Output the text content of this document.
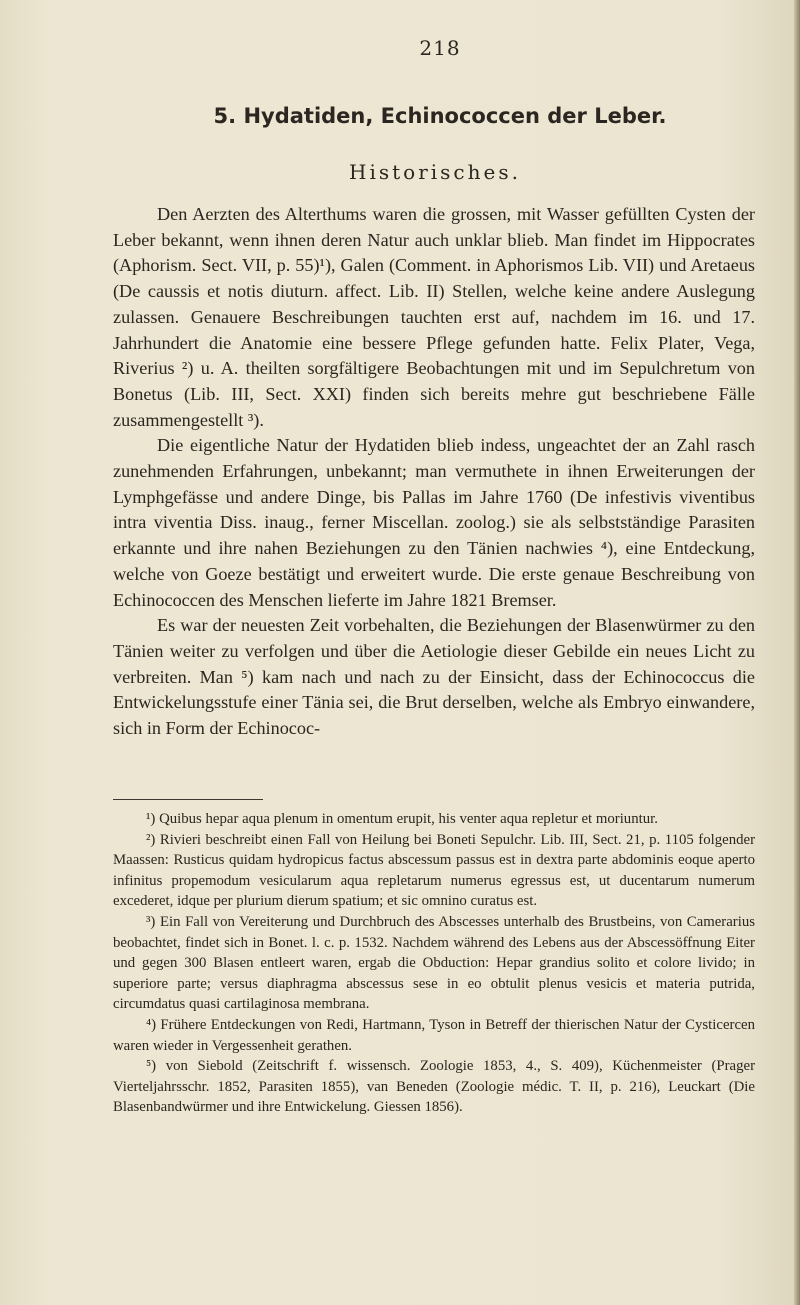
218
5. Hydatiden, Echinococcen der Leber.
Historisches.

Den Aerzten des Alterthums waren die grossen, mit Wasser gefüllten Cysten der Leber bekannt, wenn ihnen deren Natur auch unklar blieb. Man findet im Hippocrates (Aphorism. Sect. VII, p. 55)¹), Galen (Comment. in Aphorismos Lib. VII) und Aretaeus (De caussis et notis diuturn. affect. Lib. II) Stellen, welche keine andere Auslegung zulassen. Genauere Beschreibungen tauchten erst auf, nachdem im 16. und 17. Jahrhundert die Anatomie eine bessere Pflege gefunden hatte. Felix Plater, Vega, Riverius ²) u. A. theilten sorgfältigere Beobachtungen mit und im Sepulchretum von Bonetus (Lib. III, Sect. XXI) finden sich bereits mehre gut beschriebene Fälle zusammengestellt ³).

Die eigentliche Natur der Hydatiden blieb indess, ungeachtet der an Zahl rasch zunehmenden Erfahrungen, unbekannt; man vermuthete in ihnen Erweiterungen der Lymphgefässe und andere Dinge, bis Pallas im Jahre 1760 (De infestivis viventibus intra viventia Diss. inaug., ferner Miscellan. zoolog.) sie als selbstständige Parasiten erkannte und ihre nahen Beziehungen zu den Tänien nachwies ⁴), eine Entdeckung, welche von Goeze bestätigt und erweitert wurde. Die erste genaue Beschreibung von Echinococcen des Menschen lieferte im Jahre 1821 Bremser.

Es war der neuesten Zeit vorbehalten, die Beziehungen der Blasenwürmer zu den Tänien weiter zu verfolgen und über die Aetiologie dieser Gebilde ein neues Licht zu verbreiten. Man ⁵) kam nach und nach zu der Einsicht, dass der Echinococcus die Entwickelungsstufe einer Tänia sei, die Brut derselben, welche als Embryo einwandere, sich in Form der Echinococ-

¹) Quibus hepar aqua plenum in omentum erupit, his venter aqua repletur et moriuntur.

²) Rivieri beschreibt einen Fall von Heilung bei Boneti Sepulchr. Lib. III, Sect. 21, p. 1105 folgender Maassen: Rusticus quidam hydropicus factus abscessum passus est in dextra parte abdominis eoque aperto infinitus propemodum vesicularum aqua repletarum numerus egressus est, ut ducentarum numerum excederet, idque per plurium dierum spatium; et sic omnino curatus est.

³) Ein Fall von Vereiterung und Durchbruch des Abscesses unterhalb des Brustbeins, von Camerarius beobachtet, findet sich in Bonet. l. c. p. 1532. Nachdem während des Lebens aus der Abscessöffnung Eiter und gegen 300 Blasen entleert waren, ergab die Obduction: Hepar grandius solito et colore livido; in superiore parte; versus diaphragma abscessus sese in eo obtulit plenus vesicis et materia putrida, circumdatus quasi cartilaginosa membrana.

⁴) Frühere Entdeckungen von Redi, Hartmann, Tyson in Betreff der thierischen Natur der Cysticercen waren wieder in Vergessenheit gerathen.

⁵) von Siebold (Zeitschrift f. wissensch. Zoologie 1853, 4., S. 409), Küchenmeister (Prager Vierteljahrsschr. 1852, Parasiten 1855), van Beneden (Zoologie médic. T. II, p. 216), Leuckart (Die Blasenbandwürmer und ihre Entwickelung. Giessen 1856).
